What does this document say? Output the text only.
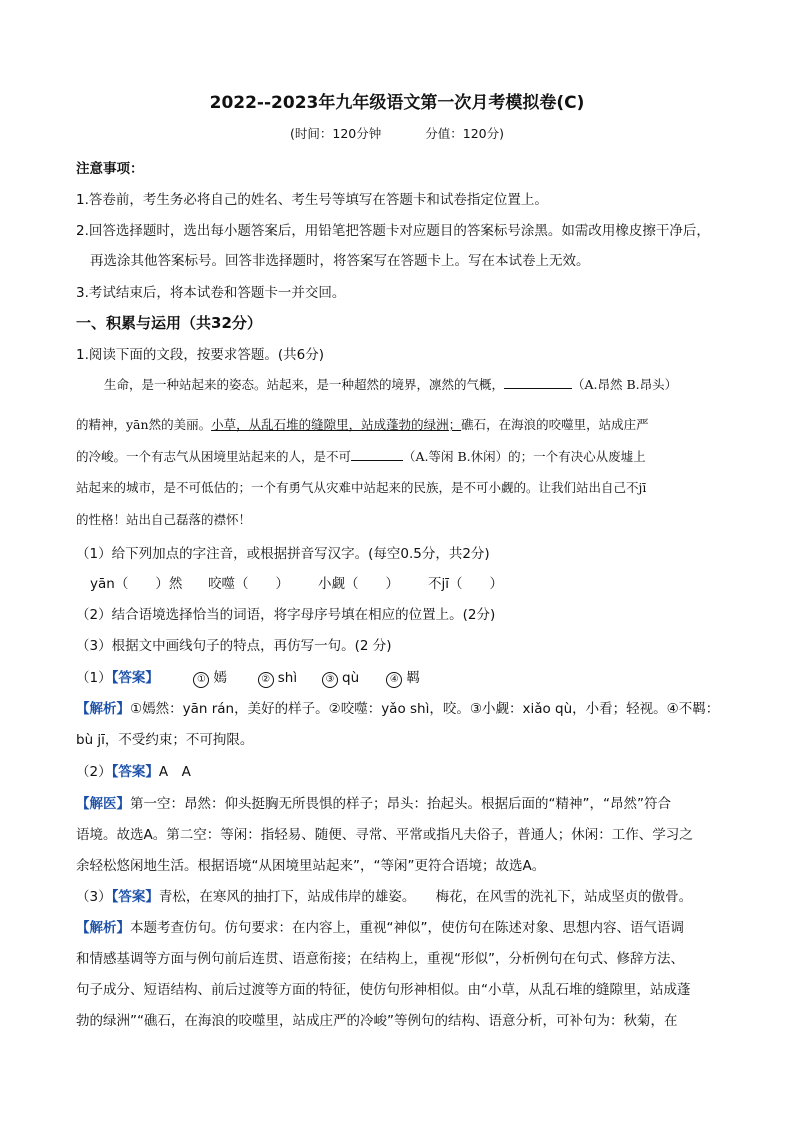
2022--2023年九年级语文第一次月考模拟卷(C)
(时间：120分钟	分值：120分)
注意事项：
1.答卷前，考生务必将自己的姓名、考生号等填写在答题卡和试卷指定位置上。
2.回答选择题时，选出每小题答案后，用铅笔把答题卡对应题目的答案标号涂黑。如需改用橡皮擦干净后，
再选涂其他答案标号。回答非选择题时，将答案写在答题卡上。写在本试卷上无效。
3.考试结束后，将本试卷和答题卡一并交回。
一、积累与运用（共32分）
1.阅读下面的文段，按要求答题。(共6分)
生命，是一种站起来的姿态。站起来，是一种超然的境界，凛然的气概，	（A.昂然 B.昂头）
的精神，yān然的美丽。小草，从乱石堆的缝隙里，站成蓬勃的绿洲；礁石，在海浪的咬噬里，站成庄严
的冷峻。一个有志气从困境里站起来的人，是不可	（A.等闲 B.休闲）的；一个有决心从废墟上
站起来的城市，是不可低估的；一个有勇气从灾难中站起来的民族，是不可小觑的。让我们站出自己不jī
的性格！站出自己磊落的襟怀！
（1）给下列加点的字注音，或根据拼音写汉字。(每空0.5分，共2分)
yān（　　）然 咬噬（　　） 小觑（　　） 不jī（　　）
（2）结合语境选择恰当的词语，将字母序号填在相应的位置上。(2分)
（3）根据文中画线句子的特点，再仿写一句。(2 分)
（1）【答案】	① 嫣	② shì	③ qù	④ 羁
【解析】①嫣然：yān rán，美好的样子。②咬噬：yǎo shì，咬。③小觑：xiǎo qù，小看；轻视。④不羁：
bù jī，不受约束；不可拘限。
（2）【答案】A　A
【解医】第一空：昂然：仰头挺胸无所畏惧的样子；昂头：抬起头。根据后面的“精神”，“昂然”符合
语境。故选A。第二空：等闲：指轻易、随便、寻常、平常或指凡夫俗子，普通人；休闲：工作、学习之
余轻松悠闲地生活。根据语境“从困境里站起来”，“等闲”更符合语境；故选A。
（3）【答案】青松，在寒风的抽打下，站成伟岸的雄姿。　　梅花，在风雪的洗礼下，站成坚贞的傲骨。
【解析】本题考查仿句。仿句要求：在内容上，重视“神似”，使仿句在陈述对象、思想内容、语气语调
和情感基调等方面与例句前后连贯、语意衔接；在结构上，重视“形似”，分析例句在句式、修辞方法、
句子成分、短语结构、前后过渡等方面的特征，使仿句形神相似。由“小草，从乱石堆的缝隙里，站成蓬
勃的绿洲”“礁石，在海浪的咬噬里，站成庄严的冷峻”等例句的结构、语意分析，可补句为：秋菊，在
